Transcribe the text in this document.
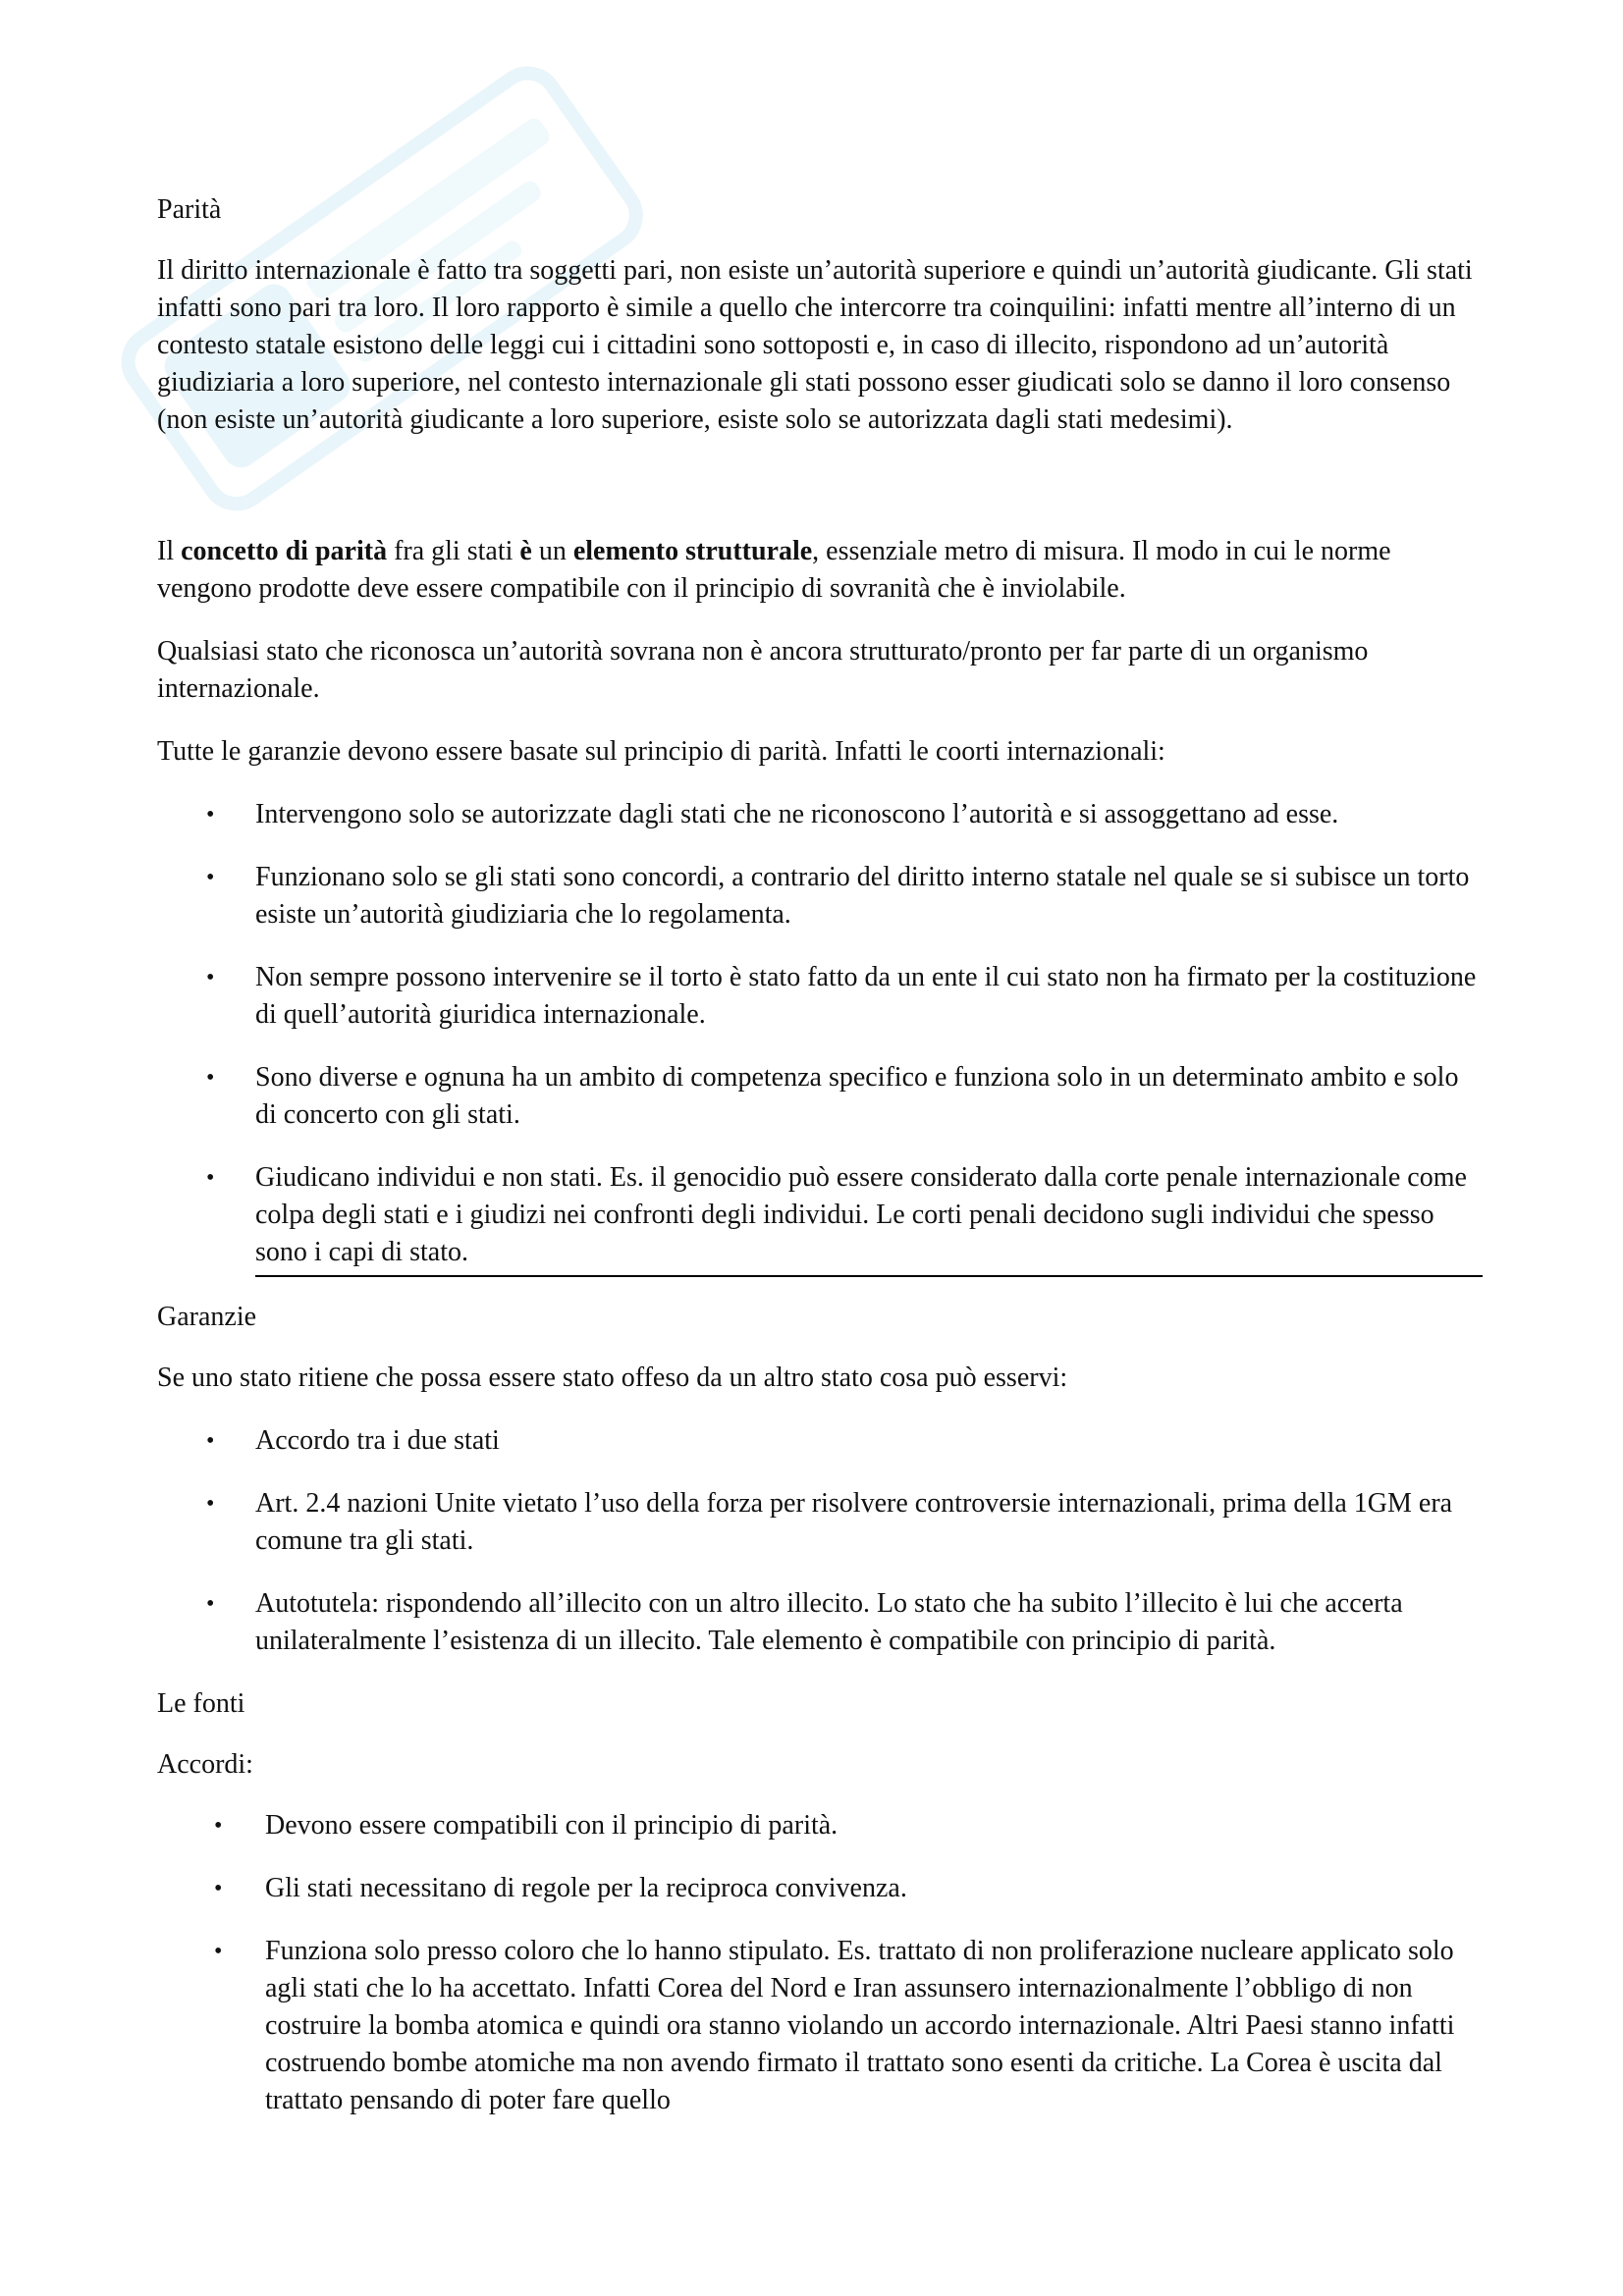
Parità

Il diritto internazionale è fatto tra soggetti pari, non esiste un’autorità superiore e quindi un’autorità giudicante. Gli stati infatti sono pari tra loro. Il loro rapporto è simile a quello che intercorre tra coinquilini: infatti mentre all’interno di un contesto statale esistono delle leggi cui i cittadini sono sottoposti e, in caso di illecito, rispondono ad un’autorità giudiziaria a loro superiore, nel contesto internazionale gli stati possono esser giudicati solo se danno il loro consenso (non esiste un’autorità giudicante a loro superiore, esiste solo se autorizzata dagli stati medesimi).

Il concetto di parità fra gli stati è un elemento strutturale, essenziale metro di misura. Il modo in cui le norme vengono prodotte deve essere compatibile con il principio di sovranità che è inviolabile.

Qualsiasi stato che riconosca un’autorità sovrana non è ancora strutturato/pronto per far parte di un organismo internazionale.

Tutte le garanzie devono essere basate sul principio di parità. Infatti le coorti internazionali:

• Intervengono solo se autorizzate dagli stati che ne riconoscono l’autorità e si assoggettano ad esse.
• Funzionano solo se gli stati sono concordi, a contrario del diritto interno statale nel quale se si subisce un torto esiste un’autorità giudiziaria che lo regolamenta.
• Non sempre possono intervenire se il torto è stato fatto da un ente il cui stato non ha firmato per la costituzione di quell’autorità giuridica internazionale.
• Sono diverse e ognuna ha un ambito di competenza specifico e funziona solo in un determinato ambito e solo di concerto con gli stati.
• Giudicano individui e non stati. Es. il genocidio può essere considerato dalla corte penale internazionale come colpa degli stati e i giudizi nei confronti degli individui. Le corti penali decidono sugli individui che spesso sono i capi di stato.

Garanzie

Se uno stato ritiene che possa essere stato offeso da un altro stato cosa può esservi:

• Accordo tra i due stati
• Art. 2.4 nazioni Unite vietato l’uso della forza per risolvere controversie internazionali, prima della 1GM era comune tra gli stati.
• Autotutela: rispondendo all’illecito con un altro illecito. Lo stato che ha subito l’illecito è lui che accerta unilateralmente l’esistenza di un illecito. Tale elemento è compatibile con principio di parità.

Le fonti

Accordi:

• Devono essere compatibili con il principio di parità.
• Gli stati necessitano di regole per la reciproca convivenza.
• Funziona solo presso coloro che lo hanno stipulato. Es. trattato di non proliferazione nucleare applicato solo agli stati che lo ha accettato. Infatti Corea del Nord e Iran assunsero internazionalmente l’obbligo di non costruire la bomba atomica e quindi ora stanno violando un accordo internazionale. Altri Paesi stanno infatti costruendo bombe atomiche ma non avendo firmato il trattato sono esenti da critiche. La Corea è uscita dal trattato pensando di poter fare quello
